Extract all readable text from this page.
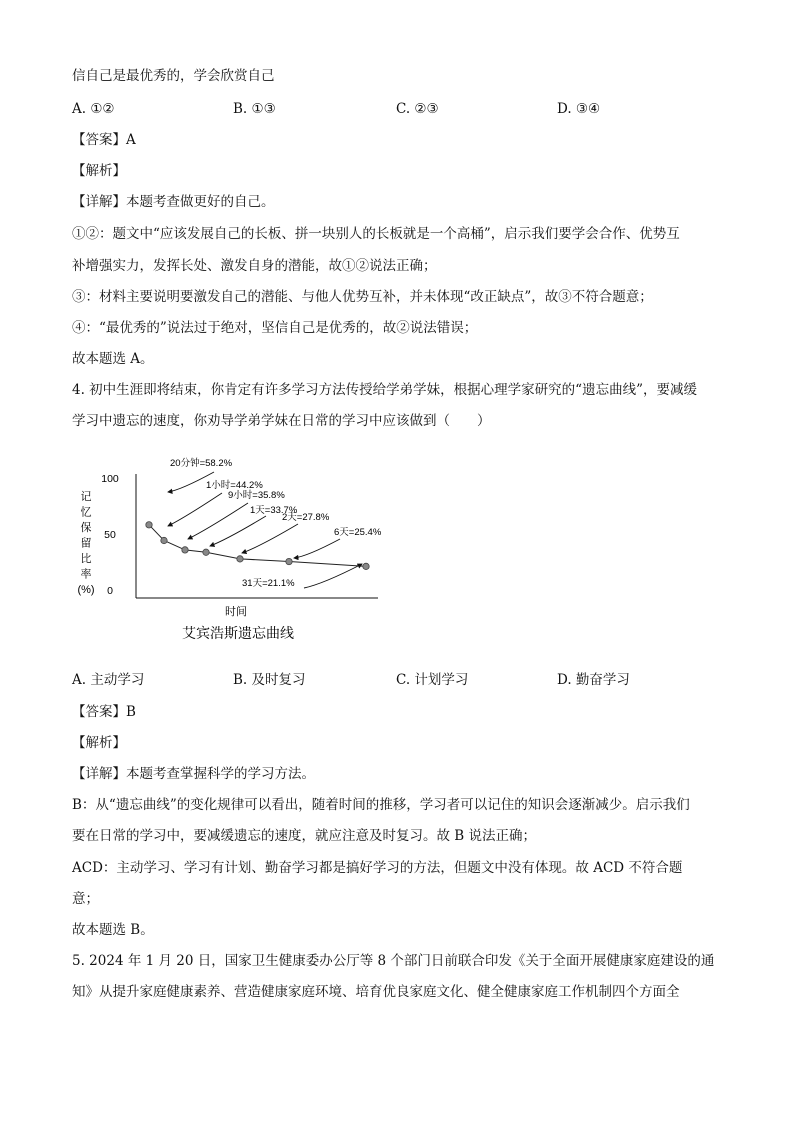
信自己是最优秀的，学会欣赏自己
A. ①②	B. ①③	C. ②③	D. ③④
【答案】A
【解析】
【详解】本题考查做更好的自己。
①②：题文中“应该发展自己的长板、拼一块别人的长板就是一个高桶”，启示我们要学会合作、优势互
补增强实力，发挥长处、激发自身的潜能，故①②说法正确；
③：材料主要说明要激发自己的潜能、与他人优势互补，并未体现“改正缺点”，故③不符合题意；
④：“最优秀的”说法过于绝对，坚信自己是优秀的，故②说法错误；
故本题选 A。
4. 初中生涯即将结束，你肯定有许多学习方法传授给学弟学妹，根据心理学家研究的“遗忘曲线”，要减缓
学习中遗忘的速度，你劝导学弟学妹在日常的学习中应该做到（　　）
100
50
0
记
忆
保
留
比
率
(%)
20分钟=58.2%
1小时=44.2%
9小时=35.8%
1天=33.7%
2天=27.8%
6天=25.4%
31天=21.1%
时间
艾宾浩斯遗忘曲线
A. 主动学习	B. 及时复习	C. 计划学习	D. 勤奋学习
【答案】B
【解析】
【详解】本题考查掌握科学的学习方法。
B：从“遗忘曲线”的变化规律可以看出，随着时间的推移，学习者可以记住的知识会逐渐减少。启示我们
要在日常的学习中，要减缓遗忘的速度，就应注意及时复习。故 B 说法正确；
ACD：主动学习、学习有计划、勤奋学习都是搞好学习的方法，但题文中没有体现。故 ACD 不符合题
意；
故本题选 B。
5. 2024 年 1 月 20 日，国家卫生健康委办公厅等 8 个部门日前联合印发《关于全面开展健康家庭建设的通
知》从提升家庭健康素养、营造健康家庭环境、培育优良家庭文化、健全健康家庭工作机制四个方面全
